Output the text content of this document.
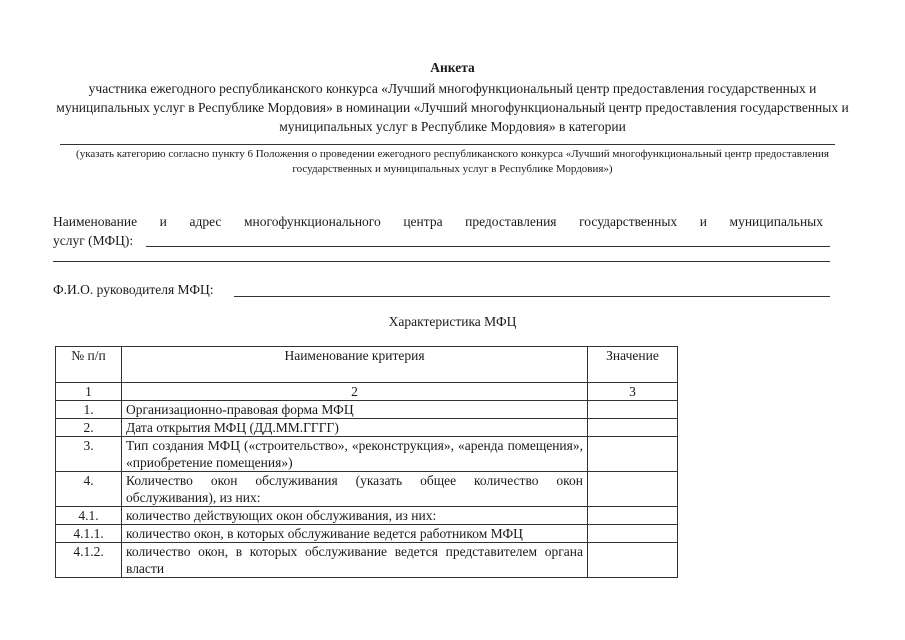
Анкета
участника ежегодного республиканского конкурса «Лучший многофункциональный центр предоставления государственных и муниципальных услуг в Республике Мордовия» в номинации «Лучший многофункциональный центр предоставления государственных и муниципальных услуг в Республике Мордовия» в категории
(указать категорию согласно пункту 6 Положения о проведении ежегодного республиканского конкурса «Лучший многофункциональный центр предоставления государственных и муниципальных услуг в Республике Мордовия»)
Наименование и адрес многофункционального центра предоставления государственных и муниципальных
услуг (МФЦ):
Ф.И.О. руководителя МФЦ:
Характеристика МФЦ
№ п/п	Наименование критерия	Значение
1	2	3
1.	Организационно-правовая форма МФЦ	
2.	Дата открытия МФЦ (ДД.ММ.ГГГГ)	
3.	Тип создания МФЦ («строительство», «реконструкция», «аренда помещения», «приобретение помещения»)	
4.	Количество окон обслуживания (указать общее количество окон обслуживания), из них:	
4.1.	количество действующих окон обслуживания, из них:	
4.1.1.	количество окон, в которых обслуживание ведется работником МФЦ	
4.1.2.	количество окон, в которых обслуживание ведется представителем органа власти	
